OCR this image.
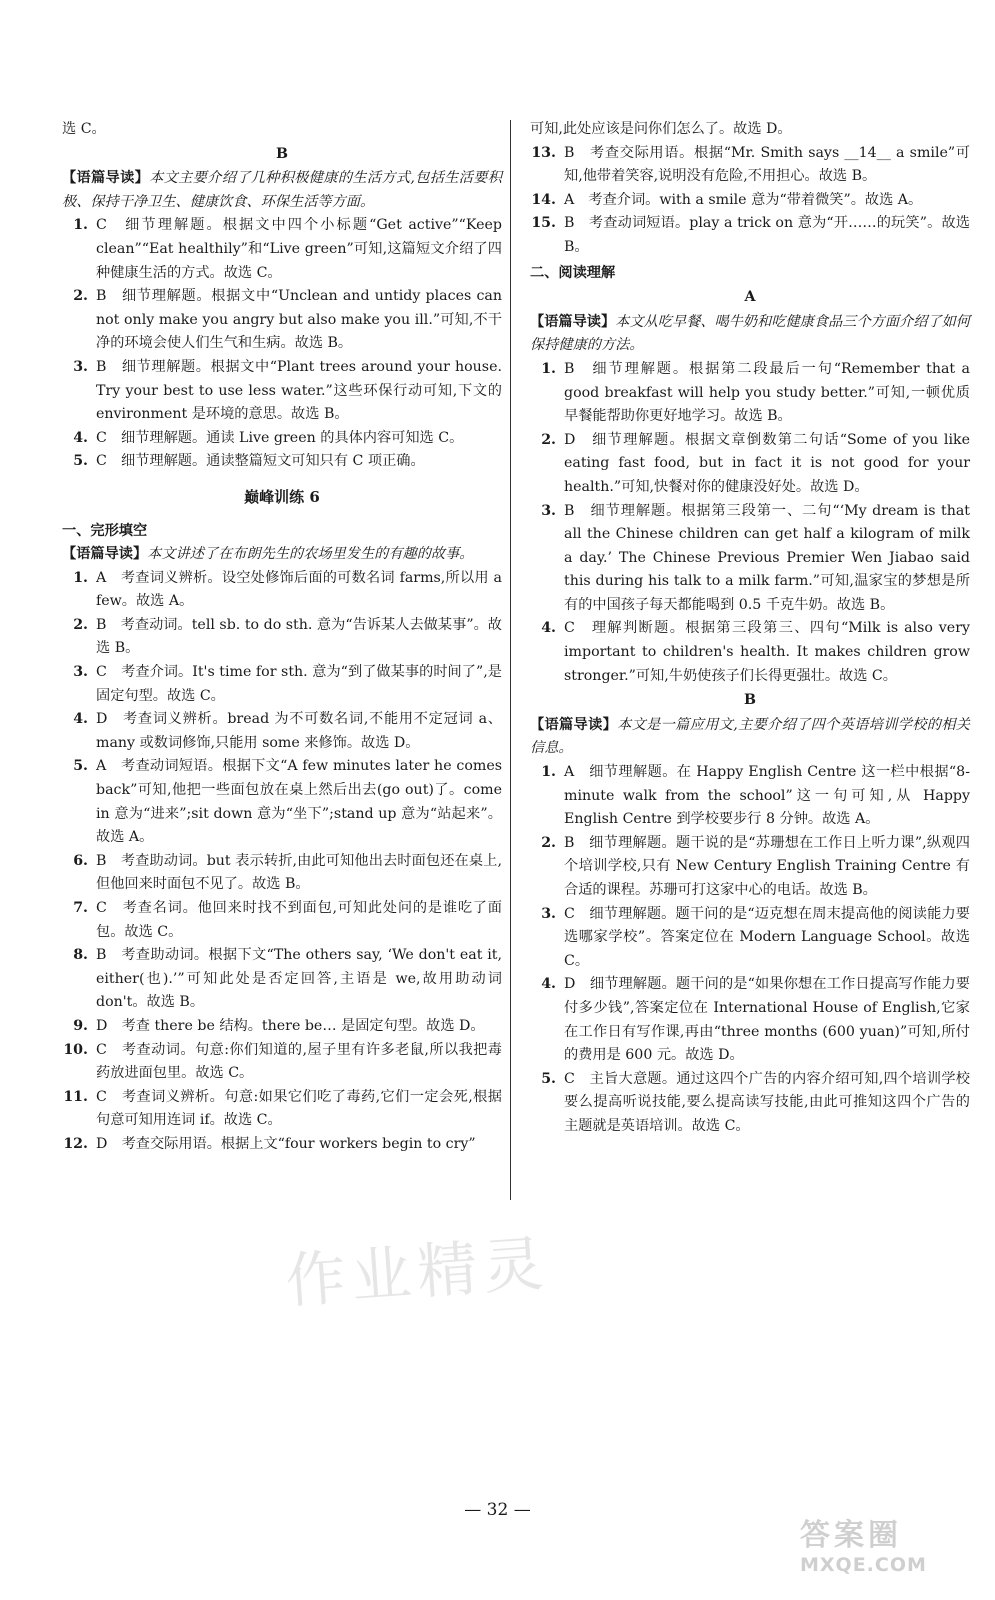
选 C。
B
【语篇导读】本文主要介绍了几种积极健康的生活方式,包括生活要积极、保持干净卫生、健康饮食、环保生活等方面。
1. C　细节理解题。根据文中四个小标题“Get active”“Keep clean”“Eat healthily”和“Live green”可知,这篇短文介绍了四种健康生活的方式。故选 C。
2. B　细节理解题。根据文中“Unclean and untidy places can not only make you angry but also make you ill.”可知,不干净的环境会使人们生气和生病。故选 B。
3. B　细节理解题。根据文中“Plant trees around your house. Try your best to use less water.”这些环保行动可知,下文的 environment 是环境的意思。故选 B。
4. C　细节理解题。通读 Live green 的具体内容可知选 C。
5. C　细节理解题。通读整篇短文可知只有 C 项正确。
巅峰训练 6
一、完形填空
【语篇导读】本文讲述了在布朗先生的农场里发生的有趣的故事。
1. A　考查词义辨析。设空处修饰后面的可数名词 farms,所以用 a few。故选 A。
2. B　考查动词。tell sb. to do sth. 意为“告诉某人去做某事”。故选 B。
3. C　考查介词。It's time for sth. 意为“到了做某事的时间了”,是固定句型。故选 C。
4. D　考查词义辨析。bread 为不可数名词,不能用不定冠词 a、many 或数词修饰,只能用 some 来修饰。故选 D。
5. A　考查动词短语。根据下文“A few minutes later he comes back”可知,他把一些面包放在桌上然后出去(go out)了。come in 意为“进来”;sit down 意为“坐下”;stand up 意为“站起来”。故选 A。
6. B　考查助动词。but 表示转折,由此可知他出去时面包还在桌上,但他回来时面包不见了。故选 B。
7. C　考查名词。他回来时找不到面包,可知此处问的是谁吃了面包。故选 C。
8. B　考查助动词。根据下文“The others say, ‘We don't eat it, either(也).’”可知此处是否定回答,主语是 we,故用助动词 don't。故选 B。
9. D　考查 there be 结构。there be… 是固定句型。故选 D。
10. C　考查动词。句意:你们知道的,屋子里有许多老鼠,所以我把毒药放进面包里。故选 C。
11. C　考查词义辨析。句意:如果它们吃了毒药,它们一定会死,根据句意可知用连词 if。故选 C。
12. D　考查交际用语。根据上文“four workers begin to cry”
可知,此处应该是问你们怎么了。故选 D。
13. B　考查交际用语。根据“Mr. Smith says __14__ a smile”可知,他带着笑容,说明没有危险,不用担心。故选 B。
14. A　考查介词。with a smile 意为“带着微笑”。故选 A。
15. B　考查动词短语。play a trick on 意为“开……的玩笑”。故选 B。
二、阅读理解
A
【语篇导读】本文从吃早餐、喝牛奶和吃健康食品三个方面介绍了如何保持健康的方法。
1. B　细节理解题。根据第二段最后一句“Remember that a good breakfast will help you study better.”可知,一顿优质早餐能帮助你更好地学习。故选 B。
2. D　细节理解题。根据文章倒数第二句话“Some of you like eating fast food, but in fact it is not good for your health.”可知,快餐对你的健康没好处。故选 D。
3. B　细节理解题。根据第三段第一、二句“‘My dream is that all the Chinese children can get half a kilogram of milk a day.’ The Chinese Previous Premier Wen Jiabao said this during his talk to a milk farm.”可知,温家宝的梦想是所有的中国孩子每天都能喝到 0.5 千克牛奶。故选 B。
4. C　理解判断题。根据第三段第三、四句“Milk is also very important to children's health. It makes children grow stronger.”可知,牛奶使孩子们长得更强壮。故选 C。
B
【语篇导读】本文是一篇应用文,主要介绍了四个英语培训学校的相关信息。
1. A　细节理解题。在 Happy English Centre 这一栏中根据“8-minute walk from the school”这一句可知,从 Happy English Centre 到学校要步行 8 分钟。故选 A。
2. B　细节理解题。题干说的是“苏珊想在工作日上听力课”,纵观四个培训学校,只有 New Century English Training Centre 有合适的课程。苏珊可打这家中心的电话。故选 B。
3. C　细节理解题。题干问的是“迈克想在周末提高他的阅读能力要选哪家学校”。答案定位在 Modern Language School。故选 C。
4. D　细节理解题。题干问的是“如果你想在工作日提高写作能力要付多少钱”,答案定位在 International House of English,它家在工作日有写作课,再由“three months (600 yuan)”可知,所付的费用是 600 元。故选 D。
5. C　主旨大意题。通过这四个广告的内容介绍可知,四个培训学校要么提高听说技能,要么提高读写技能,由此可推知这四个广告的主题就是英语培训。故选 C。
作业精灵
— 32 —
答案圈
MXQE.COM
